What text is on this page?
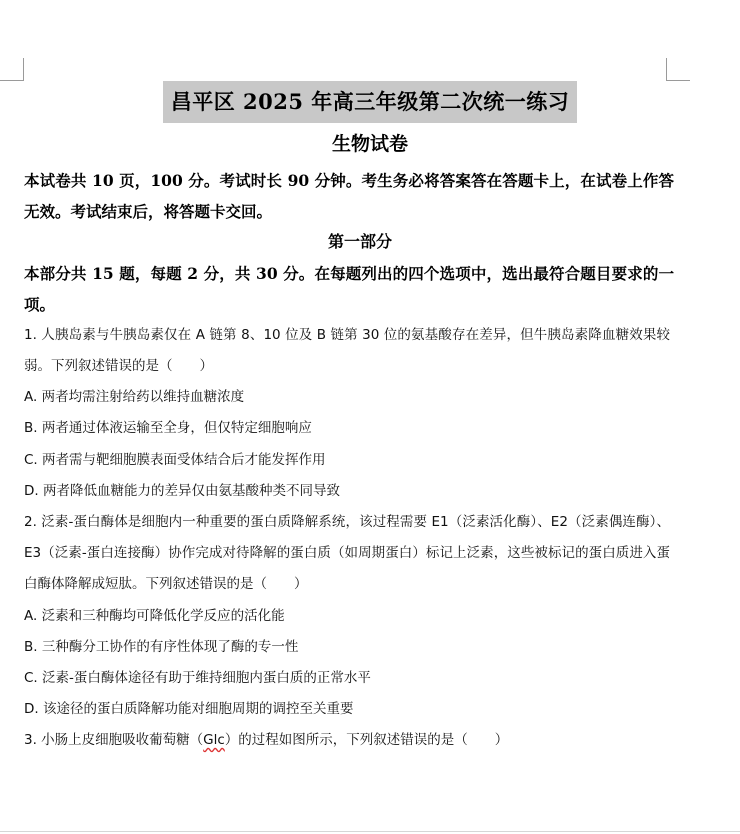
昌平区 2025 年高三年级第二次统一练习
生物试卷

本试卷共 10 页，100 分。考试时长 90 分钟。考生务必将答案答在答题卡上，在试卷上作答无效。考试结束后，将答题卡交回。

第一部分

本部分共 15 题，每题 2 分，共 30 分。在每题列出的四个选项中，选出最符合题目要求的一项。

1. 人胰岛素与牛胰岛素仅在 A 链第 8、10 位及 B 链第 30 位的氨基酸存在差异，但牛胰岛素降血糖效果较弱。下列叙述错误的是（　　）

A. 两者均需注射给药以维持血糖浓度

B. 两者通过体液运输至全身，但仅特定细胞响应

C. 两者需与靶细胞膜表面受体结合后才能发挥作用

D. 两者降低血糖能力的差异仅由氨基酸种类不同导致

2. 泛素-蛋白酶体是细胞内一种重要的蛋白质降解系统，该过程需要 E1（泛素活化酶）、E2（泛素偶连酶）、E3（泛素-蛋白连接酶）协作完成对待降解的蛋白质（如周期蛋白）标记上泛素，这些被标记的蛋白质进入蛋白酶体降解成短肽。下列叙述错误的是（　　）

A. 泛素和三种酶均可降低化学反应的活化能

B. 三种酶分工协作的有序性体现了酶的专一性

C. 泛素-蛋白酶体途径有助于维持细胞内蛋白质的正常水平

D. 该途径的蛋白质降解功能对细胞周期的调控至关重要

3. 小肠上皮细胞吸收葡萄糖（Glc）的过程如图所示，下列叙述错误的是（　　）
